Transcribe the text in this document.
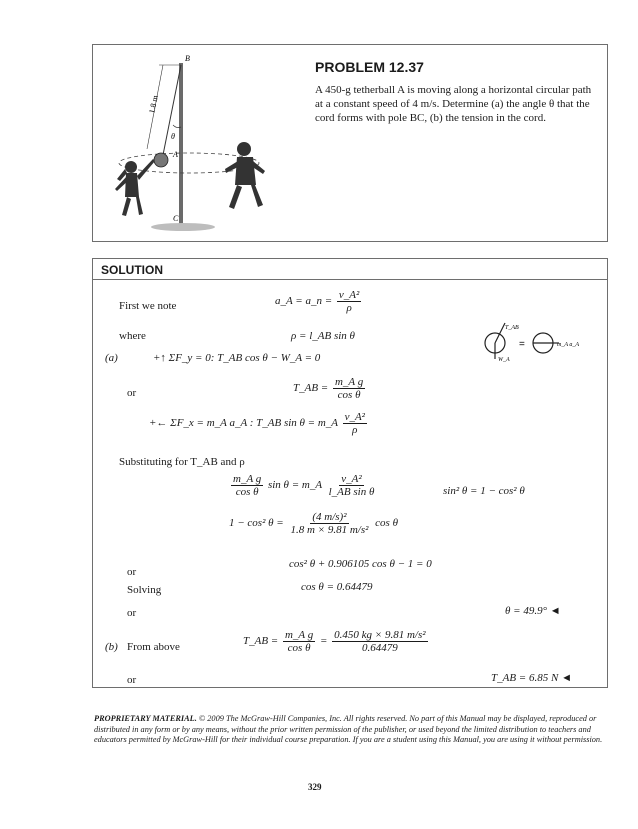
B
1.8 m
θ
A
C
PROBLEM 12.37
A 450-g tetherball A is moving along a horizontal circular path
at a constant speed of 4 m/s. Determine (a) the angle θ that the
cord forms with pole BC, (b) the tension in the cord.
SOLUTION
First we note	a_A = a_n = $\frac{\text{v\_A²}}{\rho}$
where	ρ = l_AB sin θ
=
T_AB
W_A
m_A a_A
(a)	+↑ ΣF_y = 0: T_AB cos θ − W_A = 0
or	T_AB = $\frac{\text{m\_A g}}{\text{cos θ}}$
+← ΣF_x = m_A a_A : T_AB sin θ = m_A $\frac{\text{v\_A²}}{\rho}$
Substituting for T_AB and ρ
$\frac{\text{m\_A g}}{\text{cos θ}}$ sin θ = m_A $\frac{\text{v\_A²}}{\text{l\_AB sin θ}}$	sin² θ = 1 − cos² θ
1 − cos² $\theta = \frac{\text{(4 m/s)²}}{\text{1.8 m × 9.81 m/s²}}$ cos θ
or
cos² θ + 0.906105 cos θ − 1 = 0
Solving	cos θ = 0.64479
or	θ = 49.9° ◄
(b) From above	T_AB = $\frac{\text{m\_A g}}{\text{cos θ}} = \frac{\text{0.450 kg × 9.81 m/s²}}{0.64479}$
or	T_AB = 6.85 N ◄
PROPRIETARY MATERIAL. © 2009 The McGraw-Hill Companies, Inc. All rights reserved. No part of this Manual may be displayed, reproduced or distributed in any form or by any means, without the prior written permission of the publisher, or used beyond the limited distribution to teachers and educators permitted by McGraw-Hill for their individual course preparation. If you are a student using this Manual, you are using it without permission.
329
